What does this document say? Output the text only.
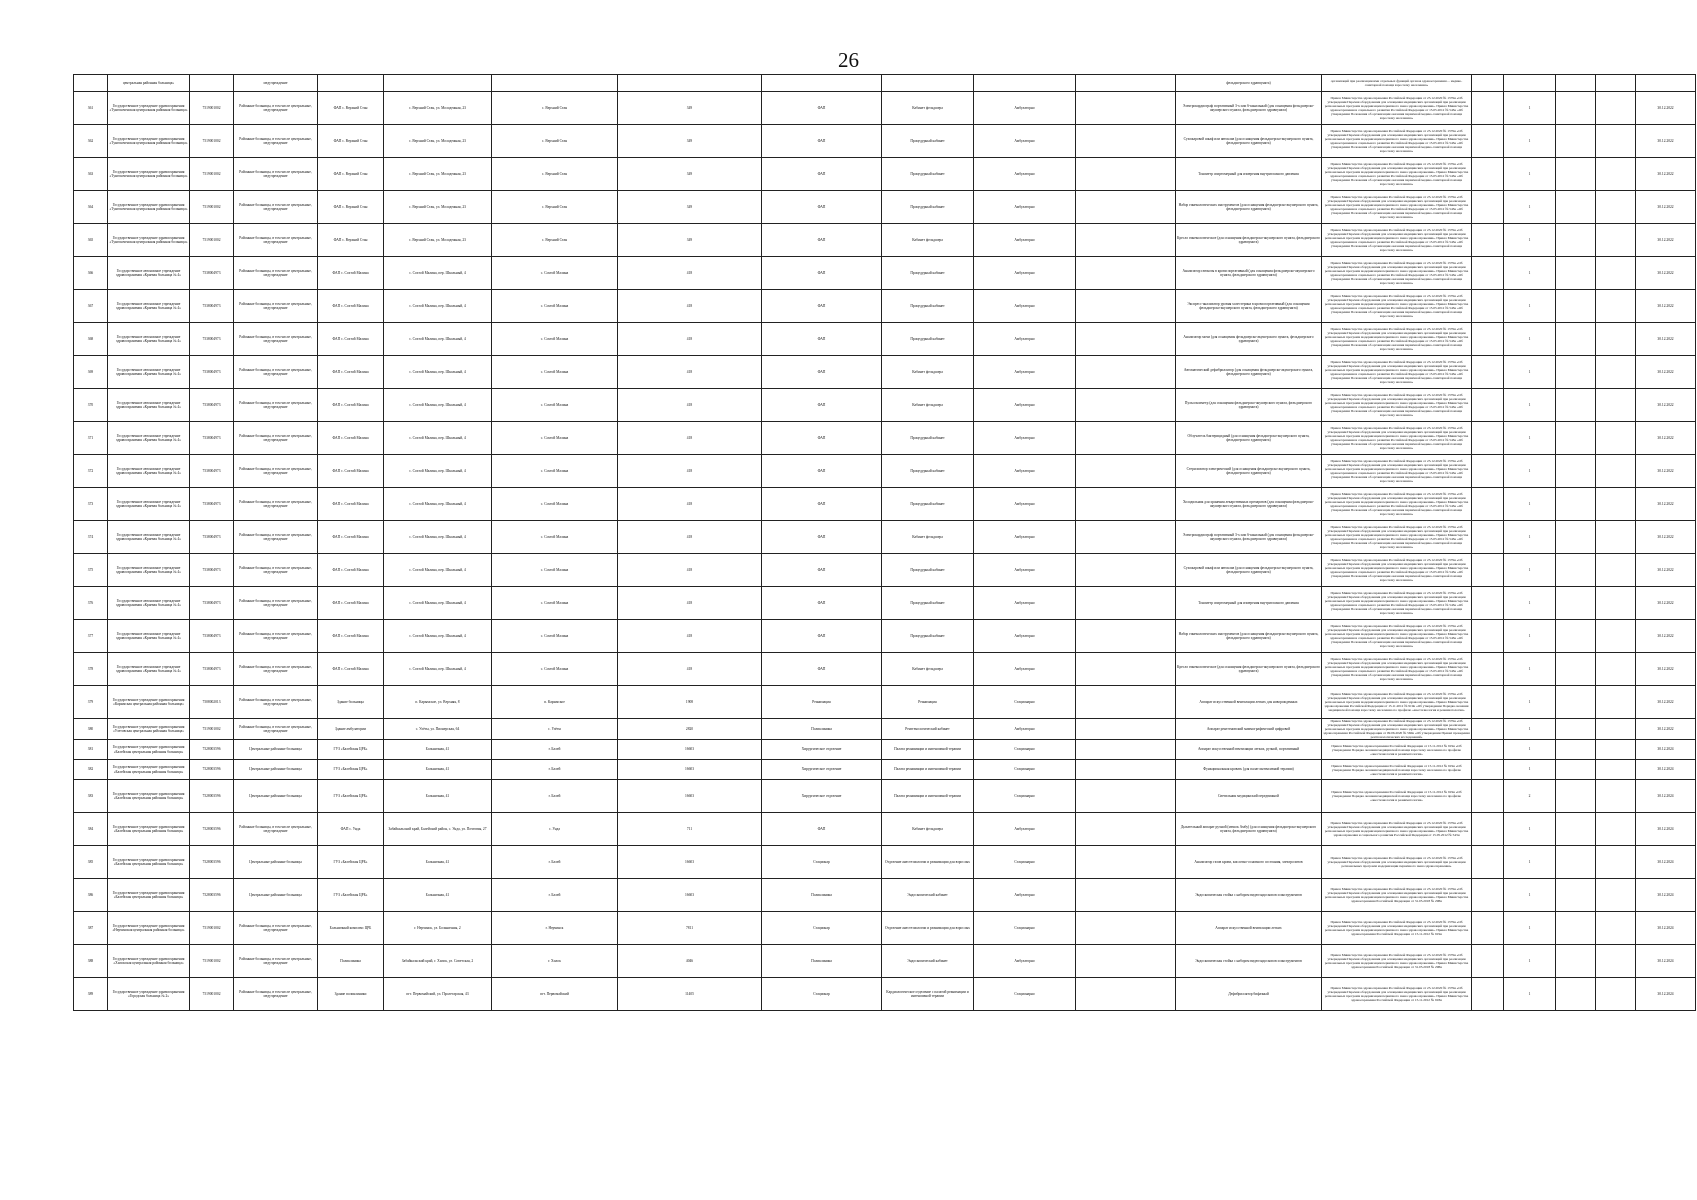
26
	центральная районная больница»		медучреждение									фельдшерского здравпункта)	организаций при реализации ими отдельных функций органов здравоохранения ... медико-санитарной помощи взрослому населению»					
361	Государственное учреждение здравоохранения «Тунгокоченская центральная районная больница»	7519001002	Районные больницы, в том числе центральные, медучреждение	ФАП с. Верхний Стан	с. Верхний Стан, ул. Молодежная, 23	с. Верхний Стан	349	ФАП	Кабинет фельдшера	Амбулаторно		Электрокардиограф портативный 3-х или 6-канальный (для оснащения фельдшерско-акушерского пункта, фельдшерского здравпункта)	Приказ Министерства здравоохранения Российской Федерации от 23.12.2020 № 1379н «Об утверждении Перечня оборудования для оснащения медицинских организаций при реализации региональных программ модернизации первичного звена здравоохранения». Приказ Министерства здравоохранения и социального развития Российской Федерации от 15.05.2012 № 543н «Об утверждении Положения об организации оказания первичной медико-санитарной помощи взрослому населению»		1			30.12.2022
362	Государственное учреждение здравоохранения «Тунгокоченская центральная районная больница»	7519001002	Районные больницы, в том числе центральные, медучреждение	ФАП с. Верхний Стан	с. Верхний Стан, ул. Молодежная, 23	с. Верхний Стан	349	ФАП	Процедурный кабинет	Амбулаторно		Сухожаровой шкаф или автоклав (для оснащения фельдшерско-акушерского пункта, фельдшерского здравпункта)	Приказ Министерства здравоохранения Российской Федерации от 23.12.2020 № 1379н «Об утверждении Перечня оборудования для оснащения медицинских организаций при реализации региональных программ модернизации первичного звена здравоохранения». Приказ Министерства здравоохранения и социального развития Российской Федерации от 15.05.2012 № 543н «Об утверждении Положения об организации оказания первичной медико-санитарной помощи взрослому населению»		1			30.12.2022
363	Государственное учреждение здравоохранения «Тунгокоченская центральная районная больница»	7519001002	Районные больницы, в том числе центральные, медучреждение	ФАП с. Верхний Стан	с. Верхний Стан, ул. Молодежная, 23	с. Верхний Стан	349	ФАП	Процедурный кабинет	Амбулаторно		Тонометр спиртомерный для измерения внутриглазного давления	Приказ Министерства здравоохранения Российской Федерации от 23.12.2020 № 1379н «Об утверждении Перечня оборудования для оснащения медицинских организаций при реализации региональных программ модернизации первичного звена здравоохранения». Приказ Министерства здравоохранения и социального развития Российской Федерации от 15.05.2012 № 543н «Об утверждении Положения об организации оказания первичной медико-санитарной помощи взрослому населению»		1			30.12.2022
364	Государственное учреждение здравоохранения «Тунгокоченская центральная районная больница»	7519001002	Районные больницы, в том числе центральные, медучреждение	ФАП с. Верхний Стан	с. Верхний Стан, ул. Молодежная, 23	с. Верхний Стан	349	ФАП	Процедурный кабинет	Амбулаторно		Набор гинекологических инструментов (для оснащения фельдшерско-акушерского пункта, фельдшерского здравпункта)	Приказ Министерства здравоохранения Российской Федерации от 23.12.2020 № 1379н «Об утверждении Перечня оборудования для оснащения медицинских организаций при реализации региональных программ модернизации первичного звена здравоохранения». Приказ Министерства здравоохранения и социального развития Российской Федерации от 15.05.2012 № 543н «Об утверждении Положения об организации оказания первичной медико-санитарной помощи взрослому населению»		1			30.12.2022
365	Государственное учреждение здравоохранения «Тунгокоченская центральная районная больница»	7519001002	Районные больницы, в том числе центральные, медучреждение	ФАП с. Верхний Стан	с. Верхний Стан, ул. Молодежная, 23	с. Верхний Стан	349	ФАП	Кабинет фельдшера	Амбулаторно		Кресло гинекологическое (для оснащения фельдшерско-акушерского пункта, фельдшерского здравпункта)	Приказ Министерства здравоохранения Российской Федерации от 23.12.2020 № 1379н «Об утверждении Перечня оборудования для оснащения медицинских организаций при реализации региональных программ модернизации первичного звена здравоохранения». Приказ Министерства здравоохранения и социального развития Российской Федерации от 15.05.2012 № 543н «Об утверждении Положения об организации оказания первичной медико-санитарной помощи взрослому населению»		1			30.12.2022
366	Государственное автономное учреждение здравоохранения «Краевая больница № 4»	7538004973	Районные больницы, в том числе центральные, медучреждение	ФАП с. Сохтой Малина	с. Сохтой Малина, пер. Школьный, 4	с. Сохтой Малина	418	ФАП	Процедурный кабинет	Амбулаторно		Анализатор глюкозы в крови портативный (для оснащения фельдшерско-акушерского пункта, фельдшерского здравпункта)	Приказ Министерства здравоохранения Российской Федерации от 23.12.2020 № 1379н «Об утверждении Перечня оборудования для оснащения медицинских организаций при реализации региональных программ модернизации первичного звена здравоохранения». Приказ Министерства здравоохранения и социального развития Российской Федерации от 15.05.2012 № 543н «Об утверждении Положения об организации оказания первичной медико-санитарной помощи взрослому населению»		1			30.12.2022
367	Государственное автономное учреждение здравоохранения «Краевая больница № 4»	7538004973	Районные больницы, в том числе центральные, медучреждение	ФАП с. Сохтой Малина	с. Сохтой Малина, пер. Школьный, 4	с. Сохтой Малина	418	ФАП	Процедурный кабинет	Амбулаторно		Экспресс-анализатор уровня холестерина в крови портативный (для оснащения фельдшерско-акушерского пункта, фельдшерского здравпункта)	Приказ Министерства здравоохранения Российской Федерации от 23.12.2020 № 1379н «Об утверждении Перечня оборудования для оснащения медицинских организаций при реализации региональных программ модернизации первичного звена здравоохранения». Приказ Министерства здравоохранения и социального развития Российской Федерации от 15.05.2012 № 543н «Об утверждении Положения об организации оказания первичной медико-санитарной помощи взрослому населению»		1			30.12.2022
368	Государственное автономное учреждение здравоохранения «Краевая больница № 4»	7538004973	Районные больницы, в том числе центральные, медучреждение	ФАП с. Сохтой Малина	с. Сохтой Малина, пер. Школьный, 4	с. Сохтой Малина	418	ФАП	Процедурный кабинет	Амбулаторно		Анализатор мочи (для оснащения фельдшерско-акушерского пункта, фельдшерского здравпункта)	Приказ Министерства здравоохранения Российской Федерации от 23.12.2020 № 1379н «Об утверждении Перечня оборудования для оснащения медицинских организаций при реализации региональных программ модернизации первичного звена здравоохранения». Приказ Министерства здравоохранения и социального развития Российской Федерации от 15.05.2012 № 543н «Об утверждении Положения об организации оказания первичной медико-санитарной помощи взрослому населению»		1			30.12.2022
369	Государственное автономное учреждение здравоохранения «Краевая больница № 4»	7538004973	Районные больницы, в том числе центральные, медучреждение	ФАП с. Сохтой Малина	с. Сохтой Малина, пер. Школьный, 4	с. Сохтой Малина	418	ФАП	Кабинет фельдшера	Амбулаторно		Автоматический дефибриллятор (для оснащения фельдшерско-акушерского пункта, фельдшерского здравпункта)	Приказ Министерства здравоохранения Российской Федерации от 23.12.2020 № 1379н «Об утверждении Перечня оборудования для оснащения медицинских организаций при реализации региональных программ модернизации первичного звена здравоохранения». Приказ Министерства здравоохранения и социального развития Российской Федерации от 15.05.2012 № 543н «Об утверждении Положения об организации оказания первичной медико-санитарной помощи взрослому населению»		1			30.12.2022
370	Государственное автономное учреждение здравоохранения «Краевая больница № 4»	7538004973	Районные больницы, в том числе центральные, медучреждение	ФАП с. Сохтой Малина	с. Сохтой Малина, пер. Школьный, 4	с. Сохтой Малина	418	ФАП	Кабинет фельдшера	Амбулаторно		Пульсоксиметр (для оснащения фельдшерско-акушерского пункта, фельдшерского здравпункта)	Приказ Министерства здравоохранения Российской Федерации от 23.12.2020 № 1379н «Об утверждении Перечня оборудования для оснащения медицинских организаций при реализации региональных программ модернизации первичного звена здравоохранения». Приказ Министерства здравоохранения и социального развития Российской Федерации от 15.05.2012 № 543н «Об утверждении Положения об организации оказания первичной медико-санитарной помощи взрослому населению»		1			30.12.2022
371	Государственное автономное учреждение здравоохранения «Краевая больница № 4»	7538004973	Районные больницы, в том числе центральные, медучреждение	ФАП с. Сохтой Малина	с. Сохтой Малина, пер. Школьный, 4	с. Сохтой Малина	418	ФАП	Процедурный кабинет	Амбулаторно		Облучатель бактерицидный (для оснащения фельдшерско-акушерского пункта, фельдшерского здравпункта)	Приказ Министерства здравоохранения Российской Федерации от 23.12.2020 № 1379н «Об утверждении Перечня оборудования для оснащения медицинских организаций при реализации региональных программ модернизации первичного звена здравоохранения». Приказ Министерства здравоохранения и социального развития Российской Федерации от 15.05.2012 № 543н «Об утверждении Положения об организации оказания первичной медико-санитарной помощи взрослому населению»		1			30.12.2022
372	Государственное автономное учреждение здравоохранения «Краевая больница № 4»	7538004973	Районные больницы, в том числе центральные, медучреждение	ФАП с. Сохтой Малина	с. Сохтой Малина, пер. Школьный, 4	с. Сохтой Малина	418	ФАП	Процедурный кабинет	Амбулаторно		Стерилизатор электрический (для оснащения фельдшерско-акушерского пункта, фельдшерского здравпункта)	Приказ Министерства здравоохранения Российской Федерации от 23.12.2020 № 1379н «Об утверждении Перечня оборудования для оснащения медицинских организаций при реализации региональных программ модернизации первичного звена здравоохранения». Приказ Министерства здравоохранения и социального развития Российской Федерации от 15.05.2012 № 543н «Об утверждении Положения об организации оказания первичной медико-санитарной помощи взрослому населению»		1			30.12.2022
373	Государственное автономное учреждение здравоохранения «Краевая больница № 4»	7538004973	Районные больницы, в том числе центральные, медучреждение	ФАП с. Сохтой Малина	с. Сохтой Малина, пер. Школьный, 4	с. Сохтой Малина	418	ФАП	Процедурный кабинет	Амбулаторно		Холодильник для хранения лекарственных препаратов (для оснащения фельдшерско-акушерского пункта, фельдшерского здравпункта)	Приказ Министерства здравоохранения Российской Федерации от 23.12.2020 № 1379н «Об утверждении Перечня оборудования для оснащения медицинских организаций при реализации региональных программ модернизации первичного звена здравоохранения». Приказ Министерства здравоохранения и социального развития Российской Федерации от 15.05.2012 № 543н «Об утверждении Положения об организации оказания первичной медико-санитарной помощи взрослому населению»		1			30.12.2022
374	Государственное автономное учреждение здравоохранения «Краевая больница № 4»	7538004973	Районные больницы, в том числе центральные, медучреждение	ФАП с. Сохтой Малина	с. Сохтой Малина, пер. Школьный, 4	с. Сохтой Малина	418	ФАП	Кабинет фельдшера	Амбулаторно		Электрокардиограф портативный 3-х или 6-канальный (для оснащения фельдшерско-акушерского пункта, фельдшерского здравпункта)	Приказ Министерства здравоохранения Российской Федерации от 23.12.2020 № 1379н «Об утверждении Перечня оборудования для оснащения медицинских организаций при реализации региональных программ модернизации первичного звена здравоохранения». Приказ Министерства здравоохранения и социального развития Российской Федерации от 15.05.2012 № 543н «Об утверждении Положения об организации оказания первичной медико-санитарной помощи взрослому населению»		1			30.12.2022
375	Государственное автономное учреждение здравоохранения «Краевая больница № 4»	7538004973	Районные больницы, в том числе центральные, медучреждение	ФАП с. Сохтой Малина	с. Сохтой Малина, пер. Школьный, 4	с. Сохтой Малина	418	ФАП	Процедурный кабинет	Амбулаторно		Сухожаровой шкаф или автоклав (для оснащения фельдшерско-акушерского пункта, фельдшерского здравпункта)	Приказ Министерства здравоохранения Российской Федерации от 23.12.2020 № 1379н «Об утверждении Перечня оборудования для оснащения медицинских организаций при реализации региональных программ модернизации первичного звена здравоохранения». Приказ Министерства здравоохранения и социального развития Российской Федерации от 15.05.2012 № 543н «Об утверждении Положения об организации оказания первичной медико-санитарной помощи взрослому населению»		1			30.12.2022
376	Государственное автономное учреждение здравоохранения «Краевая больница № 4»	7538004973	Районные больницы, в том числе центральные, медучреждение	ФАП с. Сохтой Малина	с. Сохтой Малина, пер. Школьный, 4	с. Сохтой Малина	418	ФАП	Процедурный кабинет	Амбулаторно		Тонометр спиртомерный для измерения внутриглазного давления	Приказ Министерства здравоохранения Российской Федерации от 23.12.2020 № 1379н «Об утверждении Перечня оборудования для оснащения медицинских организаций при реализации региональных программ модернизации первичного звена здравоохранения». Приказ Министерства здравоохранения и социального развития Российской Федерации от 15.05.2012 № 543н «Об утверждении Положения об организации оказания первичной медико-санитарной помощи взрослому населению»		1			30.12.2022
377	Государственное автономное учреждение здравоохранения «Краевая больница № 4»	7538004973	Районные больницы, в том числе центральные, медучреждение	ФАП с. Сохтой Малина	с. Сохтой Малина, пер. Школьный, 4	с. Сохтой Малина	418	ФАП	Процедурный кабинет	Амбулаторно		Набор гинекологических инструментов (для оснащения фельдшерско-акушерского пункта, фельдшерского здравпункта)	Приказ Министерства здравоохранения Российской Федерации от 23.12.2020 № 1379н «Об утверждении Перечня оборудования для оснащения медицинских организаций при реализации региональных программ модернизации первичного звена здравоохранения». Приказ Министерства здравоохранения и социального развития Российской Федерации от 15.05.2012 № 543н «Об утверждении Положения об организации оказания первичной медико-санитарной помощи взрослому населению»		1			30.12.2022
378	Государственное автономное учреждение здравоохранения «Краевая больница № 4»	7538004973	Районные больницы, в том числе центральные, медучреждение	ФАП с. Сохтой Малина	с. Сохтой Малина, пер. Школьный, 4	с. Сохтой Малина	418	ФАП	Кабинет фельдшера	Амбулаторно		Кресло гинекологическое (для оснащения фельдшерско-акушерского пункта, фельдшерского здравпункта)	Приказ Министерства здравоохранения Российской Федерации от 23.12.2020 № 1379н «Об утверждении Перечня оборудования для оснащения медицинских организаций при реализации региональных программ модернизации первичного звена здравоохранения». Приказ Министерства здравоохранения и социального развития Российской Федерации от 15.05.2012 № 543н «Об утверждении Положения об организации оказания первичной медико-санитарной помощи взрослому населению»		1			30.12.2022
379	Государственное учреждение здравоохранения «Карымская центральная районная больница»	7508002013	Районные больницы, в том числе центральные, медучреждение	Здание больницы	п. Карымское, ул. Верхняя, 8	п. Карымское	1908	Реанимация	Реанимация	Стационарно		Аппарат искусственной вентиляции легких для новорожденных	Приказ Министерства здравоохранения Российской Федерации от 23.12.2020 № 1379н «Об утверждении Перечня оборудования для оснащения медицинских организаций при реализации региональных программ модернизации первичного звена здравоохранения». Приказ Министерства здравоохранения Российской Федерации от 15.11.2012 № 919н «Об утверждении Порядка оказания медицинской помощи взрослому населению по профилю «анестезиология и реаниматология»		1			30.12.2022
380	Государственное учреждение здравоохранения «Улетовская центральная районная больница»	7519001002	Районные больницы, в том числе центральные, медучреждение	Здание амбулатории	с. Улёты, ул. Пионерская, 64	с. Улёты	2820	Поликлиника	Рентгенологический кабинет	Амбулаторно		Аппарат рентгеновский маммографический цифровой	Приказ Министерства здравоохранения Российской Федерации от 23.12.2020 № 1379н «Об утверждении Перечня оборудования для оснащения медицинских организаций при реализации региональных программ модернизации первичного звена здравоохранения». Приказ Министерства здравоохранения Российской Федерации от 09.06.2020 № 560н «Об утверждении Правил проведения рентгенологических исследований»		1			30.12.2022
381	Государственное учреждение здравоохранения «Балейская центральная районная больница»	7528003596	Центральные районные больницы	ГУЗ «Балейская ЦРБ»	Больничная, 41	г. Балей	16603	Хирургическое отделение	Палата реанимации и интенсивной терапии	Стационарно		Аппарат искусственной вентиляции легких, ручной, портативный	Приказ Министерства здравоохранения Российской Федерации от 15.11.2012 № 919н «Об утверждении Порядка оказания медицинской помощи взрослому населению по профилю «анестезиология и реаниматология»		1			30.12.2024
382	Государственное учреждение здравоохранения «Балейская центральная районная больница»	7528003596	Центральные районные больницы	ГУЗ «Балейская ЦРБ»	Больничная, 41	г. Балей	16603	Хирургическое отделение	Палата реанимации и интенсивной терапии	Стационарно		Функциональная кровать (для палат интенсивной терапии)	Приказ Министерства здравоохранения Российской Федерации от 15.11.2012 № 919н «Об утверждении Порядка оказания медицинской помощи взрослому населению по профилю «анестезиология и реаниматология»		1			30.12.2024
383	Государственное учреждение здравоохранения «Балейская центральная районная больница»	7528003596	Центральные районные больницы	ГУЗ «Балейская ЦРБ»	Больничная, 41	г. Балей	16603	Хирургическое отделение	Палата реанимации и интенсивной терапии	Стационарно		Светильник медицинский передвижной	Приказ Министерства здравоохранения Российской Федерации от 15.11.2012 № 919н «Об утверждении Порядка оказания медицинской помощи взрослому населению по профилю «анестезиология и реаниматология»		2			30.12.2024
384	Государственное учреждение здравоохранения «Балейская центральная районная больница»	7528003596	Районные больницы, в том числе центральные, медучреждение	ФАП с. Унда	Забайкальский край, Балейский район, с. Унда, ул. Почтовая, 27	с. Унда	711	ФАП	Кабинет фельдшера	Амбулаторно		Дыхательный аппарат ручной (мешок Амбу) (для оснащения фельдшерско-акушерского пункта, фельдшерского здравпункта)	Приказ Министерства здравоохранения Российской Федерации от 23.12.2020 № 1379н «Об утверждении Перечня оборудования для оснащения медицинских организаций при реализации региональных программ модернизации первичного звена здравоохранения». Приказ Министерства здравоохранения и социального развития Российской Федерации от 15.05.2012 № 543н		1			30.12.2024
385	Государственное учреждение здравоохранения «Балейская центральная районная больница»	7528003596	Центральные районные больницы	ГУЗ «Балейская ЦРБ»	Больничная, 41	г. Балей	16603	Стационар	Отделение анестезиологии и реанимации для взрослых	Стационарно		Анализатор газов крови, кислотно-основного состояния, электролитов	Приказ Министерства здравоохранения Российской Федерации от 23.12.2020 № 1379н «Об утверждении Перечня оборудования для оснащения медицинских организаций при реализации региональных программ модернизации первичного звена здравоохранения»		1			30.12.2024
386	Государственное учреждение здравоохранения «Балейская центральная районная больница»	7528003596	Центральные районные больницы	ГУЗ «Балейская ЦРБ»	Больничная, 41	г. Балей	16603	Поликлиника	Эндоскопический кабинет	Амбулаторно		Эндоскопическая стойка с набором видеоэндоскопов и инструментов	Приказ Министерства здравоохранения Российской Федерации от 23.12.2020 № 1379н «Об утверждении Перечня оборудования для оснащения медицинских организаций при реализации региональных программ модернизации первичного звена здравоохранения». Приказ Министерства здравоохранения Российской Федерации от 31.05.2018 № 298н		1			30.12.2024
387	Государственное учреждение здравоохранения «Нерчинская центральная районная больница»	7519001002	Районные больницы, в том числе центральные, медучреждение	Больничный комплекс ЦРБ	г. Нерчинск, ул. Больничная, 2	г. Нерчинск	7811	Стационар	Отделение анестезиологии и реанимации для взрослых	Стационарно		Аппарат искусственной вентиляции легких	Приказ Министерства здравоохранения Российской Федерации от 23.12.2020 № 1379н «Об утверждении Перечня оборудования для оснащения медицинских организаций при реализации региональных программ модернизации первичного звена здравоохранения». Приказ Министерства здравоохранения Российской Федерации от 15.11.2012 № 919н		1			30.12.2024
388	Государственное учреждение здравоохранения «Хилокская центральная районная больница»	7519001002	Районные больницы, в том числе центральные, медучреждение	Поликлиника	Забайкальский край, г. Хилок, ул. Советская, 2	г. Хилок	4046	Поликлиника	Эндоскопический кабинет	Амбулаторно		Эндоскопическая стойка с набором видеоэндоскопов и инструментов	Приказ Министерства здравоохранения Российской Федерации от 23.12.2020 № 1379н «Об утверждении Перечня оборудования для оснащения медицинских организаций при реализации региональных программ модернизации первичного звена здравоохранения». Приказ Министерства здравоохранения Российской Федерации от 31.05.2018 № 298н		1			30.12.2024
389	Государственное учреждение здравоохранения «Городская больница № 2»	7519001002	Районные больницы, в том числе центральные, медучреждение	Здание поликлиники	пгт. Первомайский, ул. Пролетарская, 43	пгт. Первомайский	11405	Стационар	Кардиологическое отделение с палатой реанимации и интенсивной терапии	Стационарно		Дефибриллятор бифазный	Приказ Министерства здравоохранения Российской Федерации от 23.12.2020 № 1379н «Об утверждении Перечня оборудования для оснащения медицинских организаций при реализации региональных программ модернизации первичного звена здравоохранения». Приказ Министерства здравоохранения Российской Федерации от 15.11.2012 № 918н		1			30.12.2024
